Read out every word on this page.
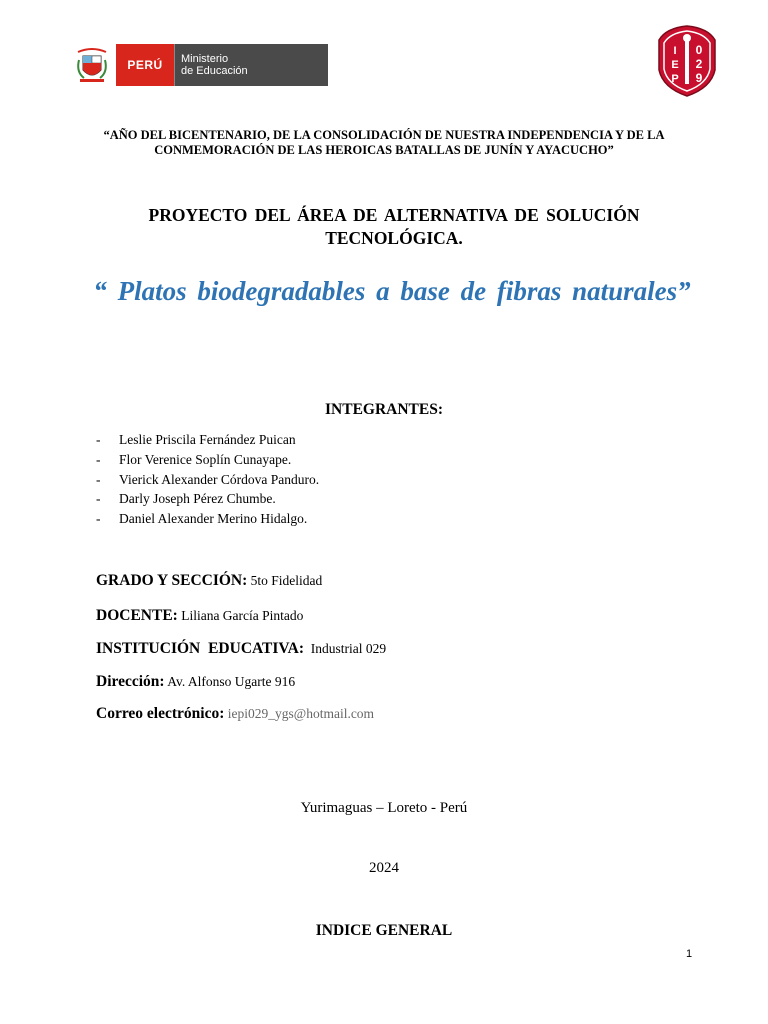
PERÚ	Ministerio
de Educación
I
E
P
0
2
9
“AÑO DEL BICENTENARIO, DE LA CONSOLIDACIÓN DE NUESTRA INDEPENDENCIA Y DE LA CONMEMORACIÓN DE LAS HEROICAS BATALLAS DE JUNÍN Y AYACUCHO”
PROYECTO DEL ÁREA DE ALTERNATIVA DE SOLUCIÓN TECNOLÓGICA.
“ Platos biodegradables a base de fibras naturales”
INTEGRANTES:
-	Leslie Priscila Fernández Puican
-	Flor Verenice Soplín Cunayape.
-	Vierick Alexander Córdova Panduro.
-	Darly Joseph Pérez Chumbe.
-	Daniel Alexander Merino Hidalgo.
GRADO Y SECCIÓN: 5to Fidelidad
DOCENTE: Liliana García Pintado
INSTITUCIÓN EDUCATIVA: Industrial 029
Dirección: Av. Alfonso Ugarte 916
Correo electrónico: iepi029_ygs@hotmail.com
Yurimaguas – Loreto - Perú
2024
INDICE GENERAL
1
